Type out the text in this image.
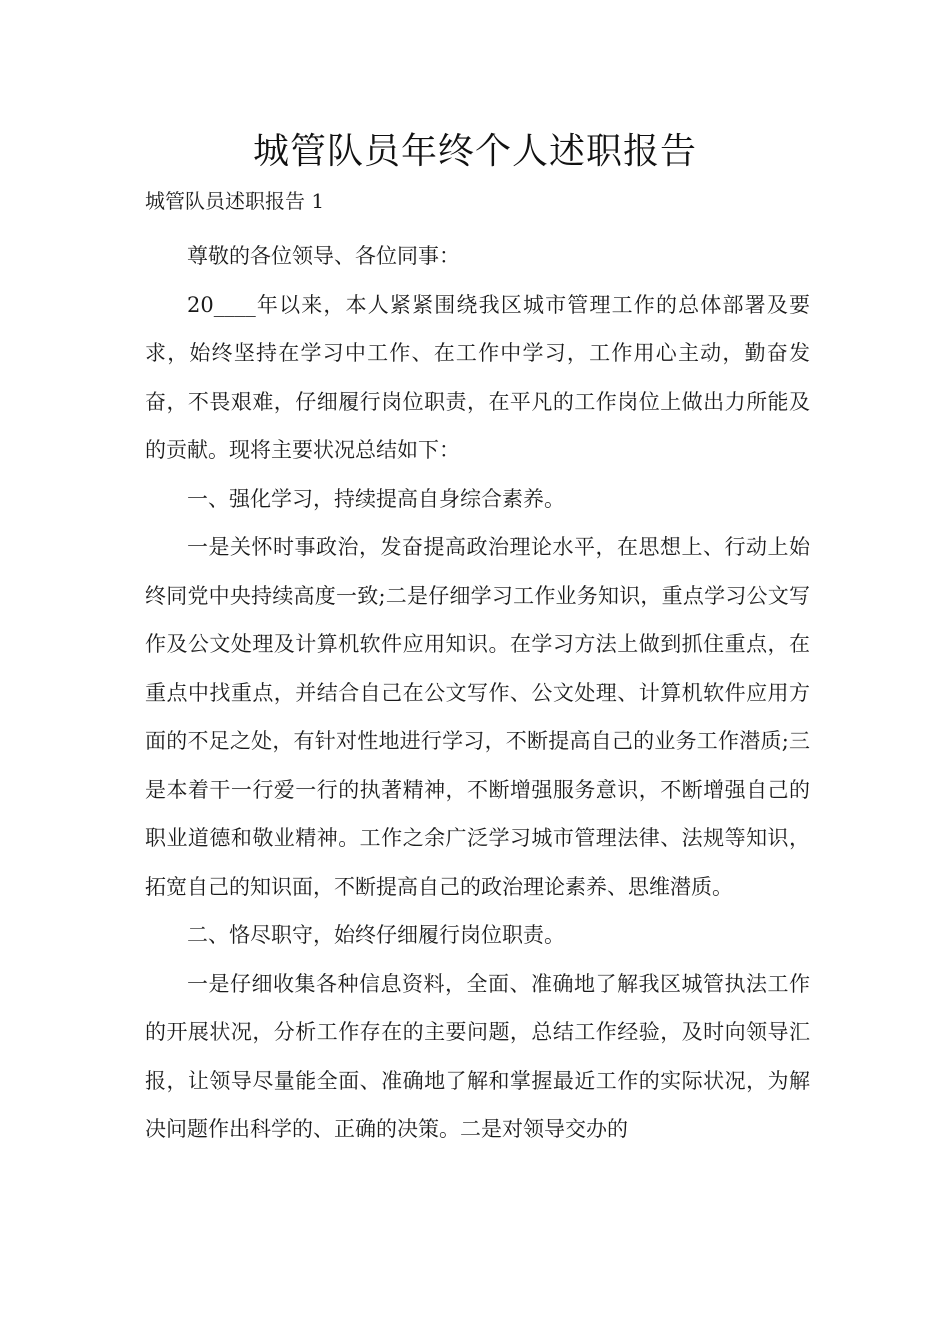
城管队员年终个人述职报告
城管队员述职报告 1

尊敬的各位领导、各位同事：

20____年以来，本人紧紧围绕我区城市管理工作的总体部署及要求，始终坚持在学习中工作、在工作中学习，工作用心主动，勤奋发奋，不畏艰难，仔细履行岗位职责，在平凡的工作岗位上做出力所能及的贡献。现将主要状况总结如下：

一、强化学习，持续提高自身综合素养。

一是关怀时事政治，发奋提高政治理论水平，在思想上、行动上始终同党中央持续高度一致;二是仔细学习工作业务知识，重点学习公文写作及公文处理及计算机软件应用知识。在学习方法上做到抓住重点，在重点中找重点，并结合自己在公文写作、公文处理、计算机软件应用方面的不足之处，有针对性地进行学习，不断提高自己的业务工作潜质;三是本着干一行爱一行的执著精神，不断增强服务意识，不断增强自己的职业道德和敬业精神。工作之余广泛学习城市管理法律、法规等知识，拓宽自己的知识面，不断提高自己的政治理论素养、思维潜质。

二、恪尽职守，始终仔细履行岗位职责。

一是仔细收集各种信息资料，全面、准确地了解我区城管执法工作的开展状况，分析工作存在的主要问题，总结工作经验，及时向领导汇报，让领导尽量能全面、准确地了解和掌握最近工作的实际状况，为解决问题作出科学的、正确的决策。二是对领导交办的
